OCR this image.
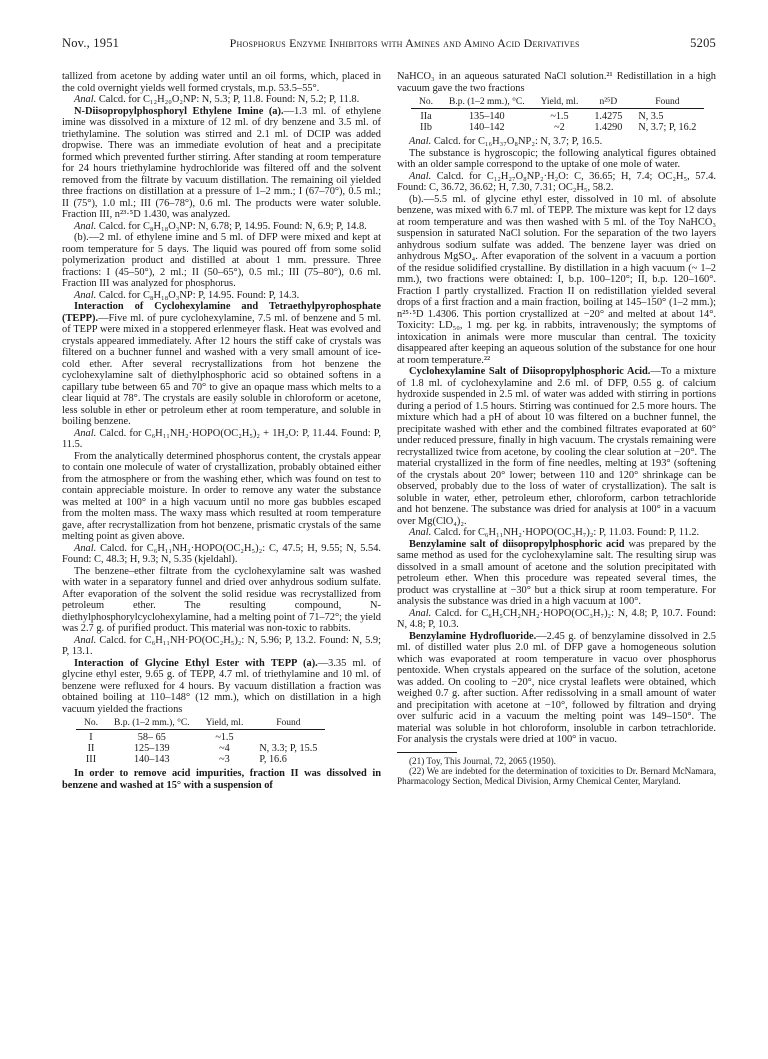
Nov., 1951	Phosphorus Enzyme Inhibitors with Amines and Amino Acid Derivatives	5205

tallized from acetone by adding water until an oil forms, which, placed in the cold overnight yields well formed crystals, m.p. 53.5–55°.

Anal. Calcd. for C₁₂H₂₀O₂NP: N, 5.3; P, 11.8. Found: N, 5.2; P, 11.8.

N-Diisopropylphosphoryl Ethylene Imine (a).—1.3 ml. of ethylene imine was dissolved in a mixture of 12 ml. of dry benzene and 3.5 ml. of triethylamine. The solution was stirred and 2.1 ml. of DCIP was added dropwise. There was an immediate evolution of heat and a precipitate formed which prevented further stirring. After standing at room temperature for 24 hours triethylamine hydrochloride was filtered off and the solvent removed from the filtrate by vacuum distillation. The remaining oil yielded three fractions on distillation at a pressure of 1–2 mm.; I (67–70°), 0.5 ml.; II (75°), 1.0 ml.; III (76–78°), 0.6 ml. The products were water soluble. Fraction III, n²³·⁵D 1.430, was analyzed.

Anal. Calcd. for C₈H₁₈O₃NP: N, 6.78; P, 14.95. Found: N, 6.9; P, 14.8.

(b).—2 ml. of ethylene imine and 5 ml. of DFP were mixed and kept at room temperature for 5 days. The liquid was poured off from some solid polymerization product and distilled at about 1 mm. pressure. Three fractions: I (45–50°), 2 ml.; II (50–65°), 0.5 ml.; III (75–80°), 0.6 ml. Fraction III was analyzed for phosphorus.

Anal. Calcd. for C₈H₁₈O₃NP: P, 14.95. Found: P, 14.3.

Interaction of Cyclohexylamine and Tetraethylpyrophosphate (TEPP).—Five ml. of pure cyclohexylamine, 7.5 ml. of benzene and 5 ml. of TEPP were mixed in a stoppered erlenmeyer flask. Heat was evolved and crystals appeared immediately. After 12 hours the stiff cake of crystals was filtered on a buchner funnel and washed with a very small amount of ice-cold ether. After several recrystallizations from hot benzene the cyclohexylamine salt of diethylphosphoric acid so obtained softens in a capillary tube between 65 and 70° to give an opaque mass which melts to a clear liquid at 78°. The crystals are easily soluble in chloroform or acetone, less soluble in ether or petroleum ether at room temperature, and soluble in boiling benzene.

Anal. Calcd. for C₆H₁₁NH₂·HOPO(OC₂H₅)₂ + 1H₂O: P, 11.44. Found: P, 11.5.

From the analytically determined phosphorus content, the crystals appear to contain one molecule of water of crystallization, probably obtained either from the atmosphere or from the washing ether, which was found on test to contain appreciable moisture. In order to remove any water the substance was melted at 100° in a high vacuum until no more gas bubbles escaped from the molten mass. The waxy mass which resulted at room temperature gave, after recrystallization from hot benzene, prismatic crystals of the same melting point as given above.

Anal. Calcd. for C₆H₁₁NH₂·HOPO(OC₂H₅)₂: C, 47.5; H, 9.55; N, 5.54. Found: C, 48.3; H, 9.3; N, 5.35 (kjeldahl).

The benzene–ether filtrate from the cyclohexylamine salt was washed with water in a separatory funnel and dried over anhydrous sodium sulfate. After evaporation of the solvent the solid residue was recrystallized from petroleum ether. The resulting compound, N-diethylphosphorylcyclohexylamine, had a melting point of 71–72°; the yield was 2.7 g. of purified product. This material was non-toxic to rabbits.

Anal. Calcd. for C₆H₁₁NH·PO(OC₂H₅)₂: N, 5.96; P, 13.2. Found: N, 5.9; P, 13.1.

Interaction of Glycine Ethyl Ester with TEPP (a).—3.35 ml. of glycine ethyl ester, 9.65 g. of TEPP, 4.7 ml. of triethylamine and 10 ml. of benzene were refluxed for 4 hours. By vacuum distillation a fraction was obtained boiling at 110–148° (12 mm.), which on distillation in a high vacuum yielded the fractions

No.	B.p. (1–2 mm.), °C.	Yield, ml.	Found
I	58– 65	~1.5	
II	125–139	~4	N, 3.3; P, 15.5
III	140–143	~3	P, 16.6

In order to remove acid impurities, fraction II was dissolved in benzene and washed at 15° with a suspension of

NaHCO₃ in an aqueous saturated NaCl solution.²¹ Redistillation in a high vacuum gave the two fractions

No.	B.p. (1–2 mm.), °C.	Yield, ml.	n²⁵D	Found
IIa	135–140	~1.5	1.4275	N, 3.5
IIb	140–142	~2	1.4290	N, 3.7; P, 16.2

Anal. Calcd. for C₁₆H₃₇O₈NP₂: N, 3.7; P, 16.5.

The substance is hygroscopic; the following analytical figures obtained with an older sample correspond to the uptake of one mole of water.

Anal. Calcd. for C₁₂H₂₇O₈NP₂·H₂O: C, 36.65; H, 7.4; OC₂H₅, 57.4. Found: C, 36.72, 36.62; H, 7.30, 7.31; OC₂H₅, 58.2.

(b).—5.5 ml. of glycine ethyl ester, dissolved in 10 ml. of absolute benzene, was mixed with 6.7 ml. of TEPP. The mixture was kept for 12 days at room temperature and was then washed with 5 ml. of the Toy NaHCO₃ suspension in saturated NaCl solution. For the separation of the two layers anhydrous sodium sulfate was added. The benzene layer was dried on anhydrous MgSO₄. After evaporation of the solvent in a vacuum a portion of the residue solidified crystalline. By distillation in a high vacuum (~ 1–2 mm.), two fractions were obtained: I, b.p. 100–120°; II, b.p. 120–160°. Fraction I partly crystallized. Fraction II on redistillation yielded several drops of a first fraction and a main fraction, boiling at 145–150° (1–2 mm.); n²⁵·⁵D 1.4306. This portion crystallized at −20° and melted at about 14°. Toxicity: LD₅₀, 1 mg. per kg. in rabbits, intravenously; the symptoms of intoxication in animals were more muscular than central. The toxicity disappeared after keeping an aqueous solution of the substance for one hour at room temperature.²²

Cyclohexylamine Salt of Diisopropylphosphoric Acid.—To a mixture of 1.8 ml. of cyclohexylamine and 2.6 ml. of DFP, 0.55 g. of calcium hydroxide suspended in 2.5 ml. of water was added with stirring in portions during a period of 1.5 hours. Stirring was continued for 2.5 more hours. The mixture which had a pH of about 10 was filtered on a buchner funnel, the precipitate washed with ether and the combined filtrates evaporated at 60° under reduced pressure, finally in high vacuum. The crystals remaining were recrystallized twice from acetone, by cooling the clear solution at −20°. The material crystallized in the form of fine needles, melting at 193° (softening of the crystals about 20° lower; between 110 and 120° shrinkage can be observed, probably due to the loss of water of crystallization). The salt is soluble in water, ether, petroleum ether, chloroform, carbon tetrachloride and hot benzene. The substance was dried for analysis at 100° in a vacuum over Mg(ClO₄)₂.

Anal. Calcd. for C₆H₁₁NH₂·HOPO(OC₃H₇)₂: P, 11.03. Found: P, 11.2.

Benzylamine salt of diisopropylphosphoric acid was prepared by the same method as used for the cyclohexylamine salt. The resulting sirup was dissolved in a small amount of acetone and the solution precipitated with petroleum ether. When this procedure was repeated several times, the product was crystalline at −30° but a thick sirup at room temperature. For analysis the substance was dried in a high vacuum at 100°.

Anal. Calcd. for C₆H₅CH₂NH₂·HOPO(OC₃H₇)₂: N, 4.8; P, 10.7. Found: N, 4.8; P, 10.3.

Benzylamine Hydrofluoride.—2.45 g. of benzylamine dissolved in 2.5 ml. of distilled water plus 2.0 ml. of DFP gave a homogeneous solution which was evaporated at room temperature in vacuo over phosphorus pentoxide. When crystals appeared on the surface of the solution, acetone was added. On cooling to −20°, nice crystal leaflets were obtained, which weighed 0.7 g. after suction. After redissolving in a small amount of water and precipitation with acetone at −10°, followed by filtration and drying over sulfuric acid in a vacuum the melting point was 149–150°. The material was soluble in hot chloroform, insoluble in carbon tetrachloride. For analysis the crystals were dried at 100° in vacuo.

(21) Toy, This Journal, 72, 2065 (1950).

(22) We are indebted for the determination of toxicities to Dr. Bernard McNamara, Pharmacology Section, Medical Division, Army Chemical Center, Maryland.
